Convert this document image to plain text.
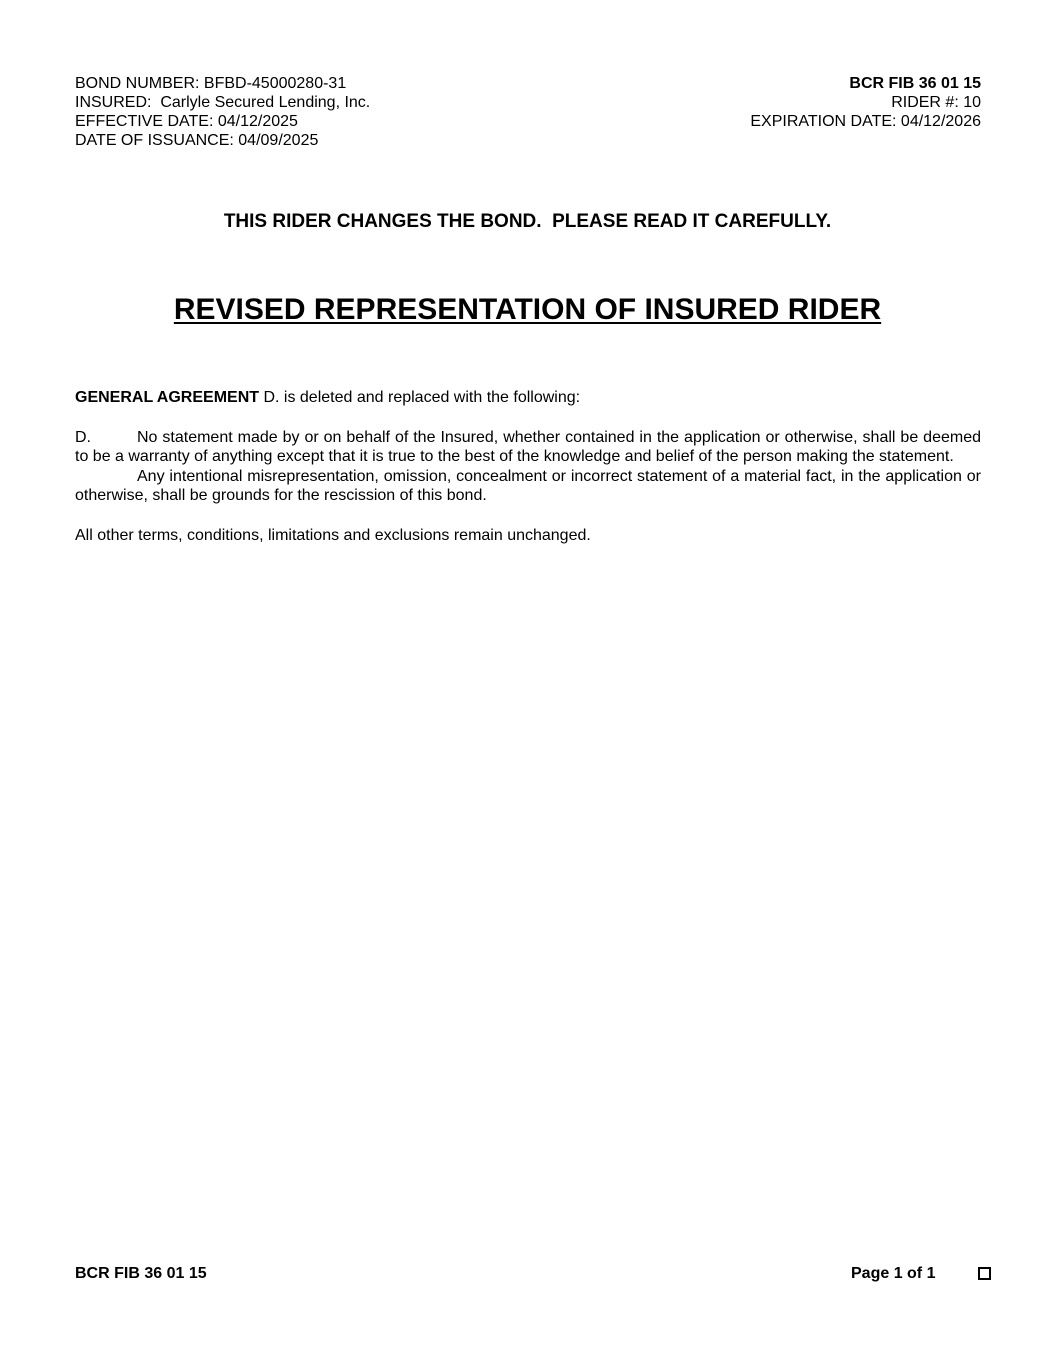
BOND NUMBER: BFBD-45000280-31
INSURED:  Carlyle Secured Lending, Inc.
EFFECTIVE DATE: 04/12/2025
DATE OF ISSUANCE: 04/09/2025
BCR FIB 36 01 15
RIDER #: 10
EXPIRATION DATE: 04/12/2026
THIS RIDER CHANGES THE BOND.  PLEASE READ IT CAREFULLY.
REVISED REPRESENTATION OF INSURED RIDER

GENERAL AGREEMENT D. is deleted and replaced with the following:

D.	No statement made by or on behalf of the Insured, whether contained in the application or otherwise, shall be deemed to be a warranty of anything except that it is true to the best of the knowledge and belief of the person making the statement.

Any intentional misrepresentation, omission, concealment or incorrect statement of a material fact, in the application or otherwise, shall be grounds for the rescission of this bond.

All other terms, conditions, limitations and exclusions remain unchanged.

BCR FIB 36 01 15	Page 1 of 1
